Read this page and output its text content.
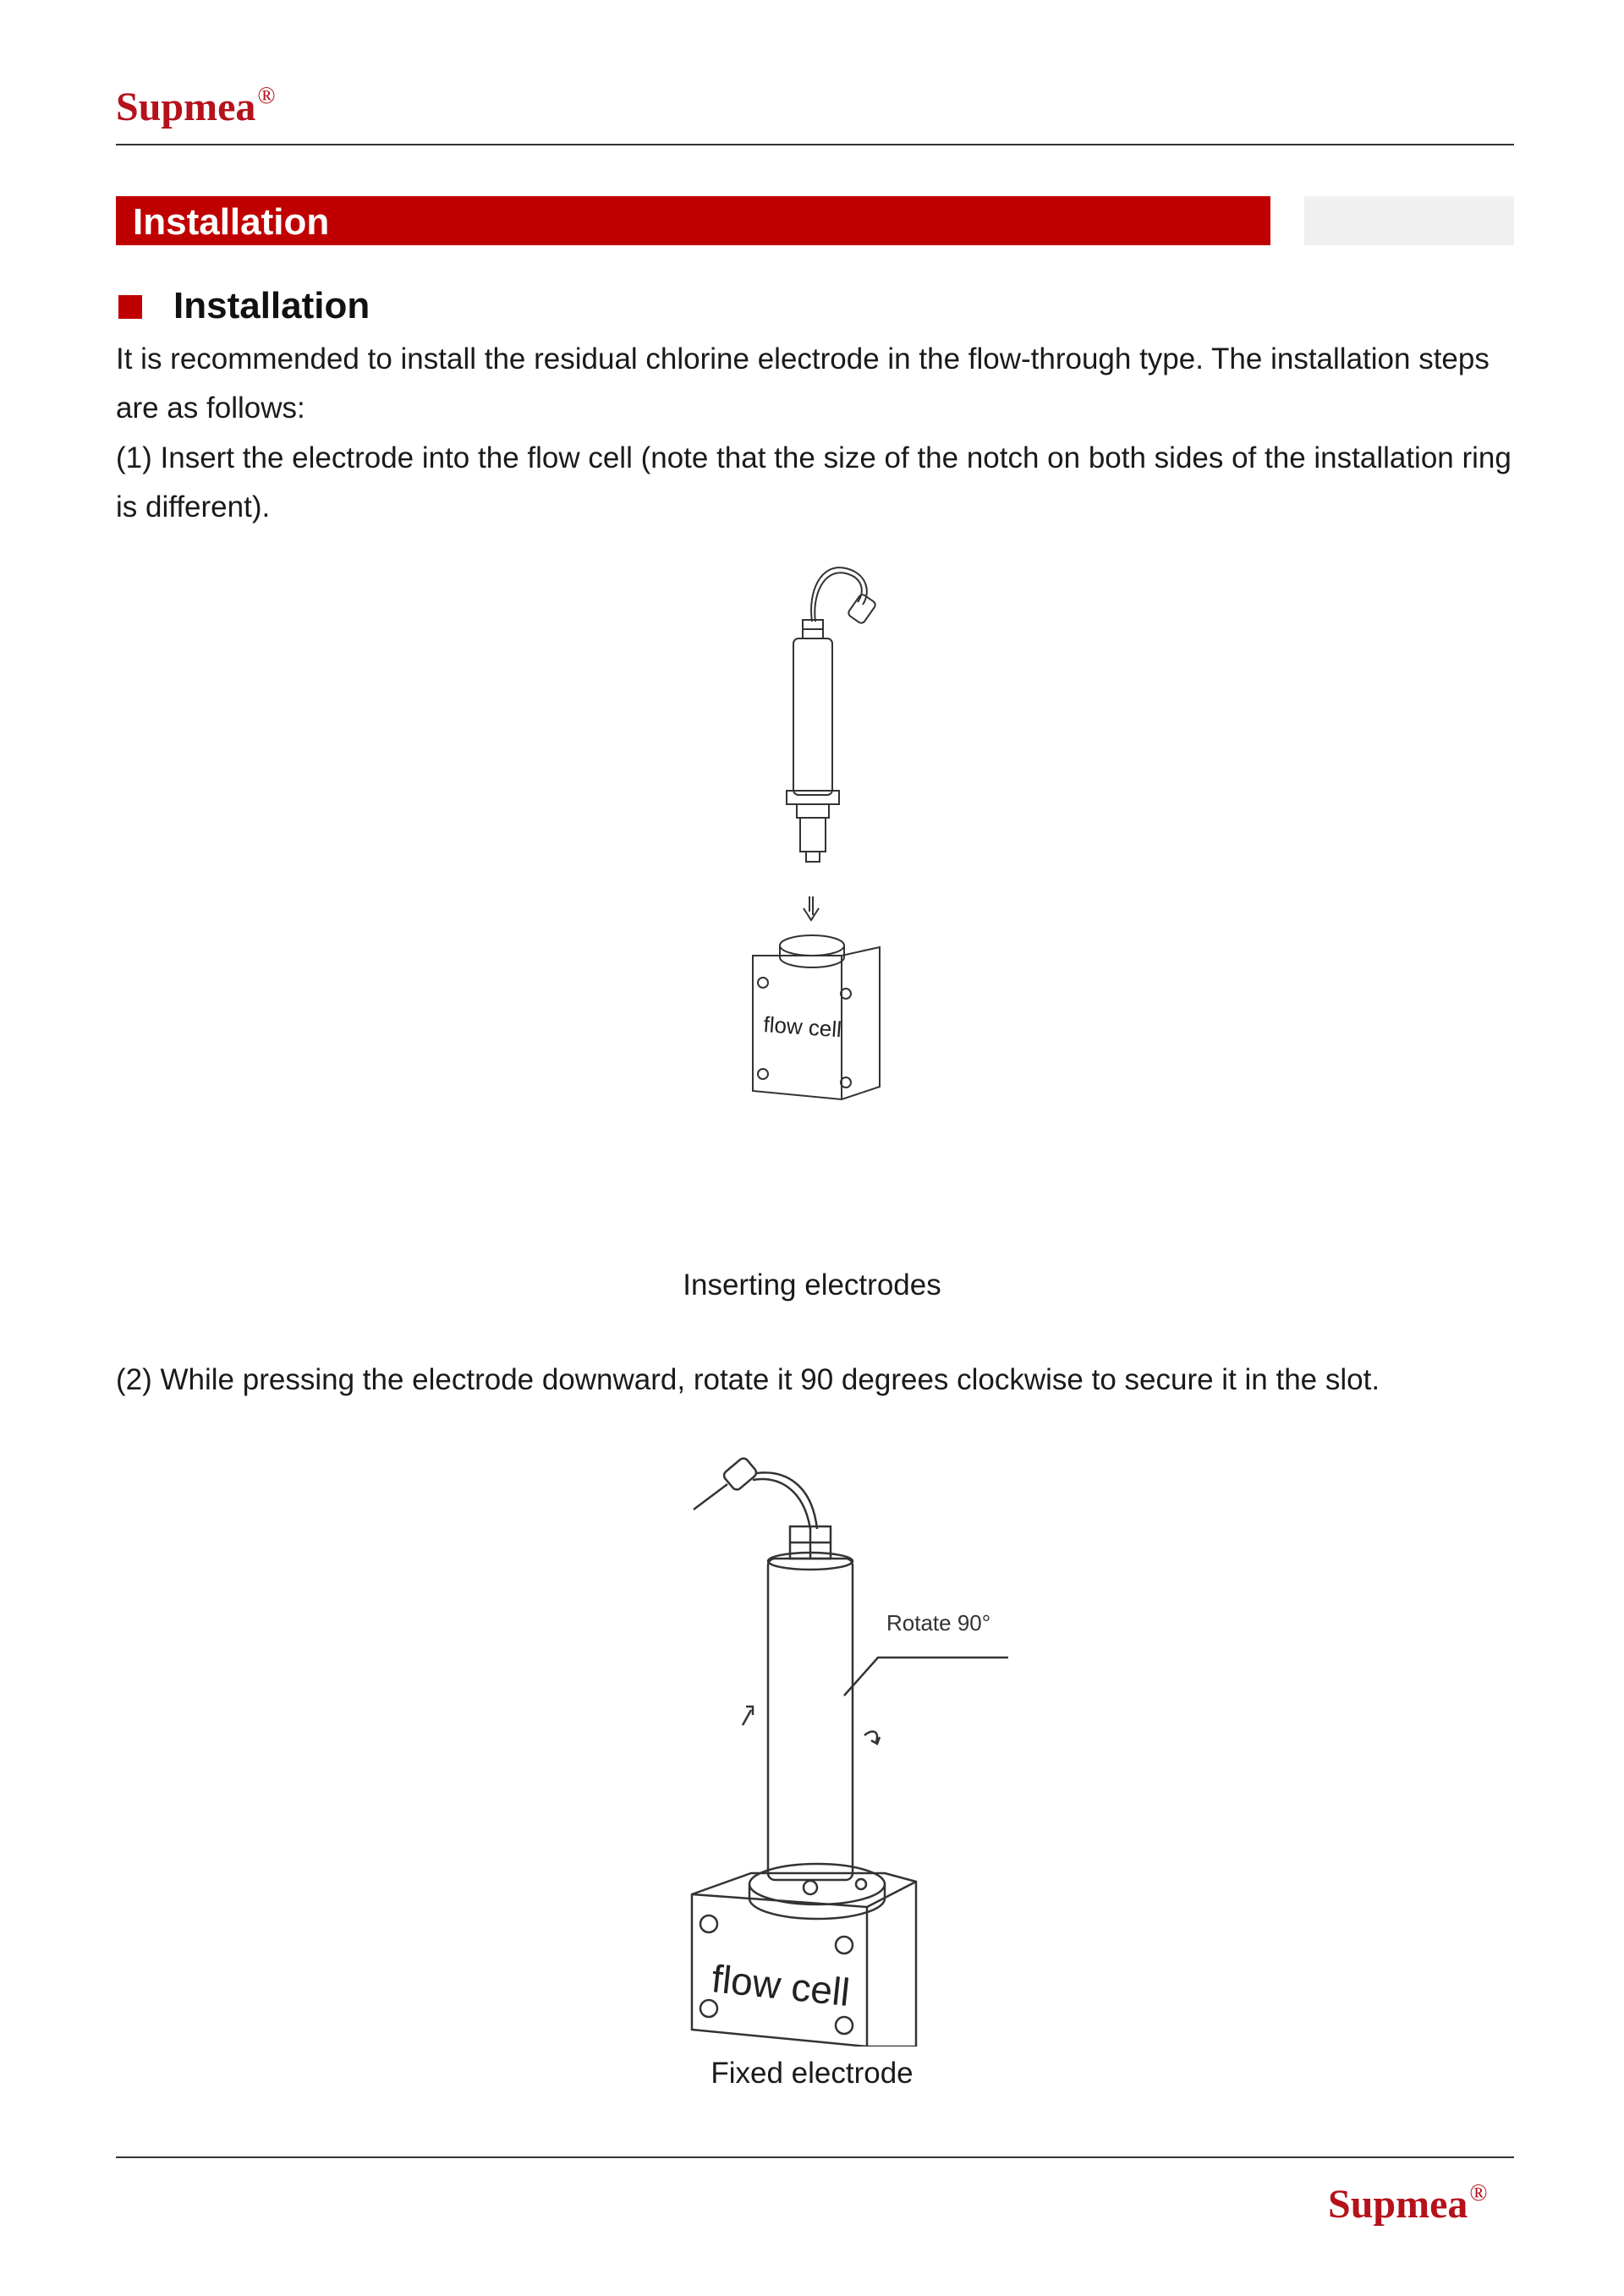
Supmea®
Installation
Installation
It is recommended to install the residual chlorine electrode in the flow-through type. The installation steps are as follows:
(1) Insert the electrode into the flow cell (note that the size of the notch on both sides of the installation ring is different).
flow cell
Inserting electrodes
(2) While pressing the electrode downward, rotate it 90 degrees clockwise to secure it in the slot.
Rotate 90°
flow cell
Fixed electrode
Supmea®
